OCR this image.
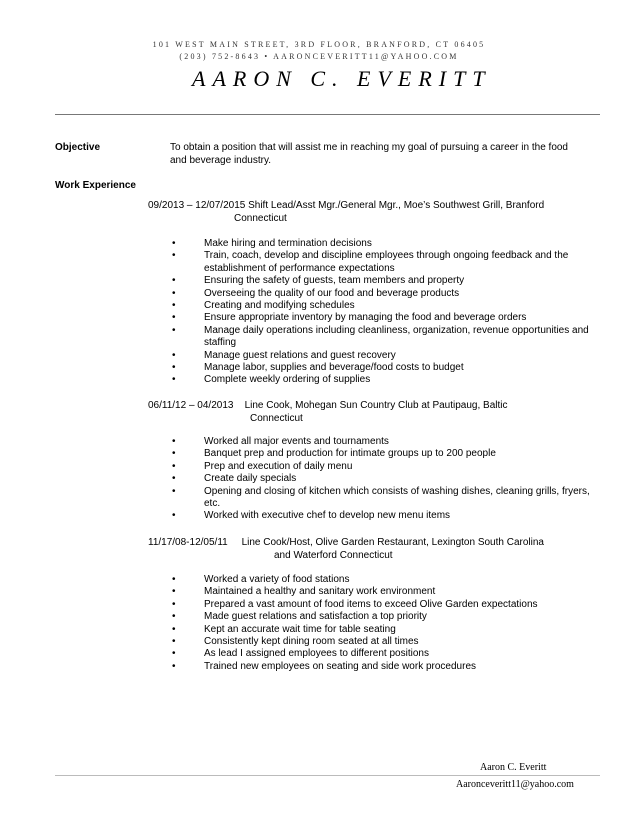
101 WEST MAIN STREET, 3RD FLOOR, BRANFORD, CT 06405
(203) 752-8643 • AARONCEVERITT11@YAHOO.COM
AARON C. EVERITT
Objective	To obtain a position that will assist me in reaching my goal of pursuing a career in the food and beverage industry.
Work Experience
09/2013 – 12/07/2015 Shift Lead/Asst Mgr./General Mgr., Moe’s Southwest Grill, Branford
Connecticut
• Make hiring and termination decisions
• Train, coach, develop and discipline employees through ongoing feedback and the establishment of performance expectations
• Ensuring the safety of guests, team members and property
• Overseeing the quality of our food and beverage products
• Creating and modifying schedules
• Ensure appropriate inventory by managing the food and beverage orders
• Manage daily operations including cleanliness, organization, revenue opportunities and staffing
• Manage guest relations and guest recovery
• Manage labor, supplies and beverage/food costs to budget
• Complete weekly ordering of supplies
06/11/12 – 04/2013    Line Cook, Mohegan Sun Country Club at Pautipaug, Baltic
Connecticut
• Worked all major events and tournaments
• Banquet prep and production for intimate groups up to 200 people
• Prep and execution of daily menu
• Create daily specials
• Opening and closing of kitchen which consists of washing dishes, cleaning grills, fryers, etc.
• Worked with executive chef to develop new menu items
11/17/08-12/05/11     Line Cook/Host, Olive Garden Restaurant, Lexington South Carolina
and Waterford Connecticut
• Worked a variety of food stations
• Maintained a healthy and sanitary work environment
• Prepared a vast amount of food items to exceed Olive Garden expectations
• Made guest relations and satisfaction a top priority
• Kept an accurate wait time for table seating
• Consistently kept dining room seated at all times
• As lead I assigned employees to different positions
• Trained new employees on seating and side work procedures
Aaron C. Everitt
Aaronceveritt11@yahoo.com
